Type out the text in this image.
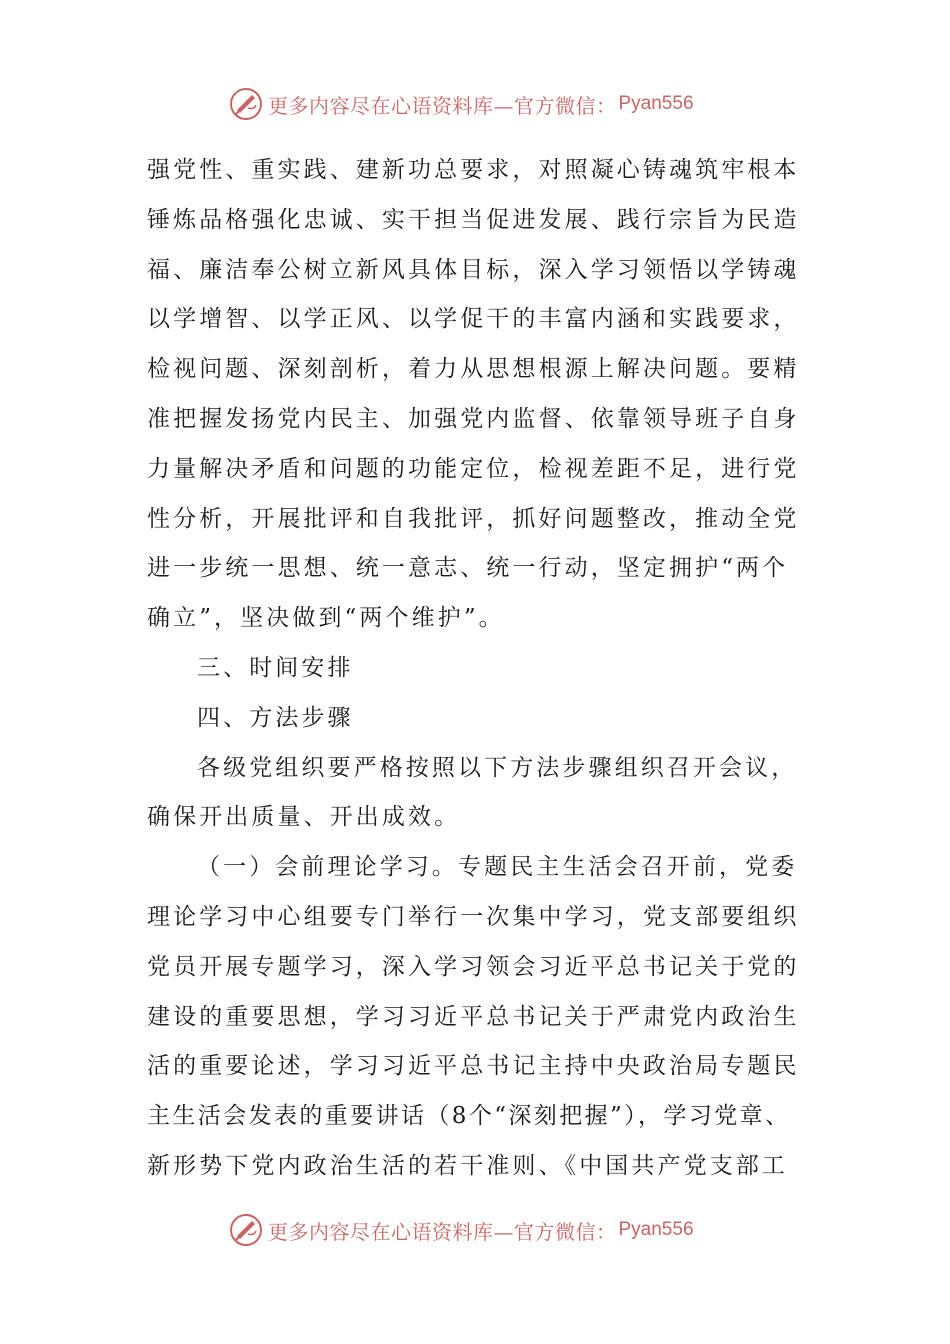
更多内容尽在心语资料库—官方微信： Pyan556
强党性、重实践、建新功总要求，对照凝心铸魂筑牢根本
锤炼品格强化忠诚、实干担当促进发展、践行宗旨为民造
福、廉洁奉公树立新风具体目标，深入学习领悟以学铸魂
以学增智、以学正风、以学促干的丰富内涵和实践要求，
检视问题、深刻剖析，着力从思想根源上解决问题。要精
准把握发扬党内民主、加强党内监督、依靠领导班子自身
力量解决矛盾和问题的功能定位，检视差距不足，进行党
性分析，开展批评和自我批评，抓好问题整改，推动全党
进一步统一思想、统一意志、统一行动，坚定拥护“两个
确立”，坚决做到“两个维护”。
三、时间安排
四、方法步骤
各级党组织要严格按照以下方法步骤组织召开会议，
确保开出质量、开出成效。
（一）会前理论学习。专题民主生活会召开前，党委
理论学习中心组要专门举行一次集中学习，党支部要组织
党员开展专题学习，深入学习领会习近平总书记关于党的
建设的重要思想，学习习近平总书记关于严肃党内政治生
活的重要论述，学习习近平总书记主持中央政治局专题民
主生活会发表的重要讲话（8个“深刻把握”），学习党章、
新形势下党内政治生活的若干准则、《中国共产党支部工
更多内容尽在心语资料库—官方微信： Pyan556
